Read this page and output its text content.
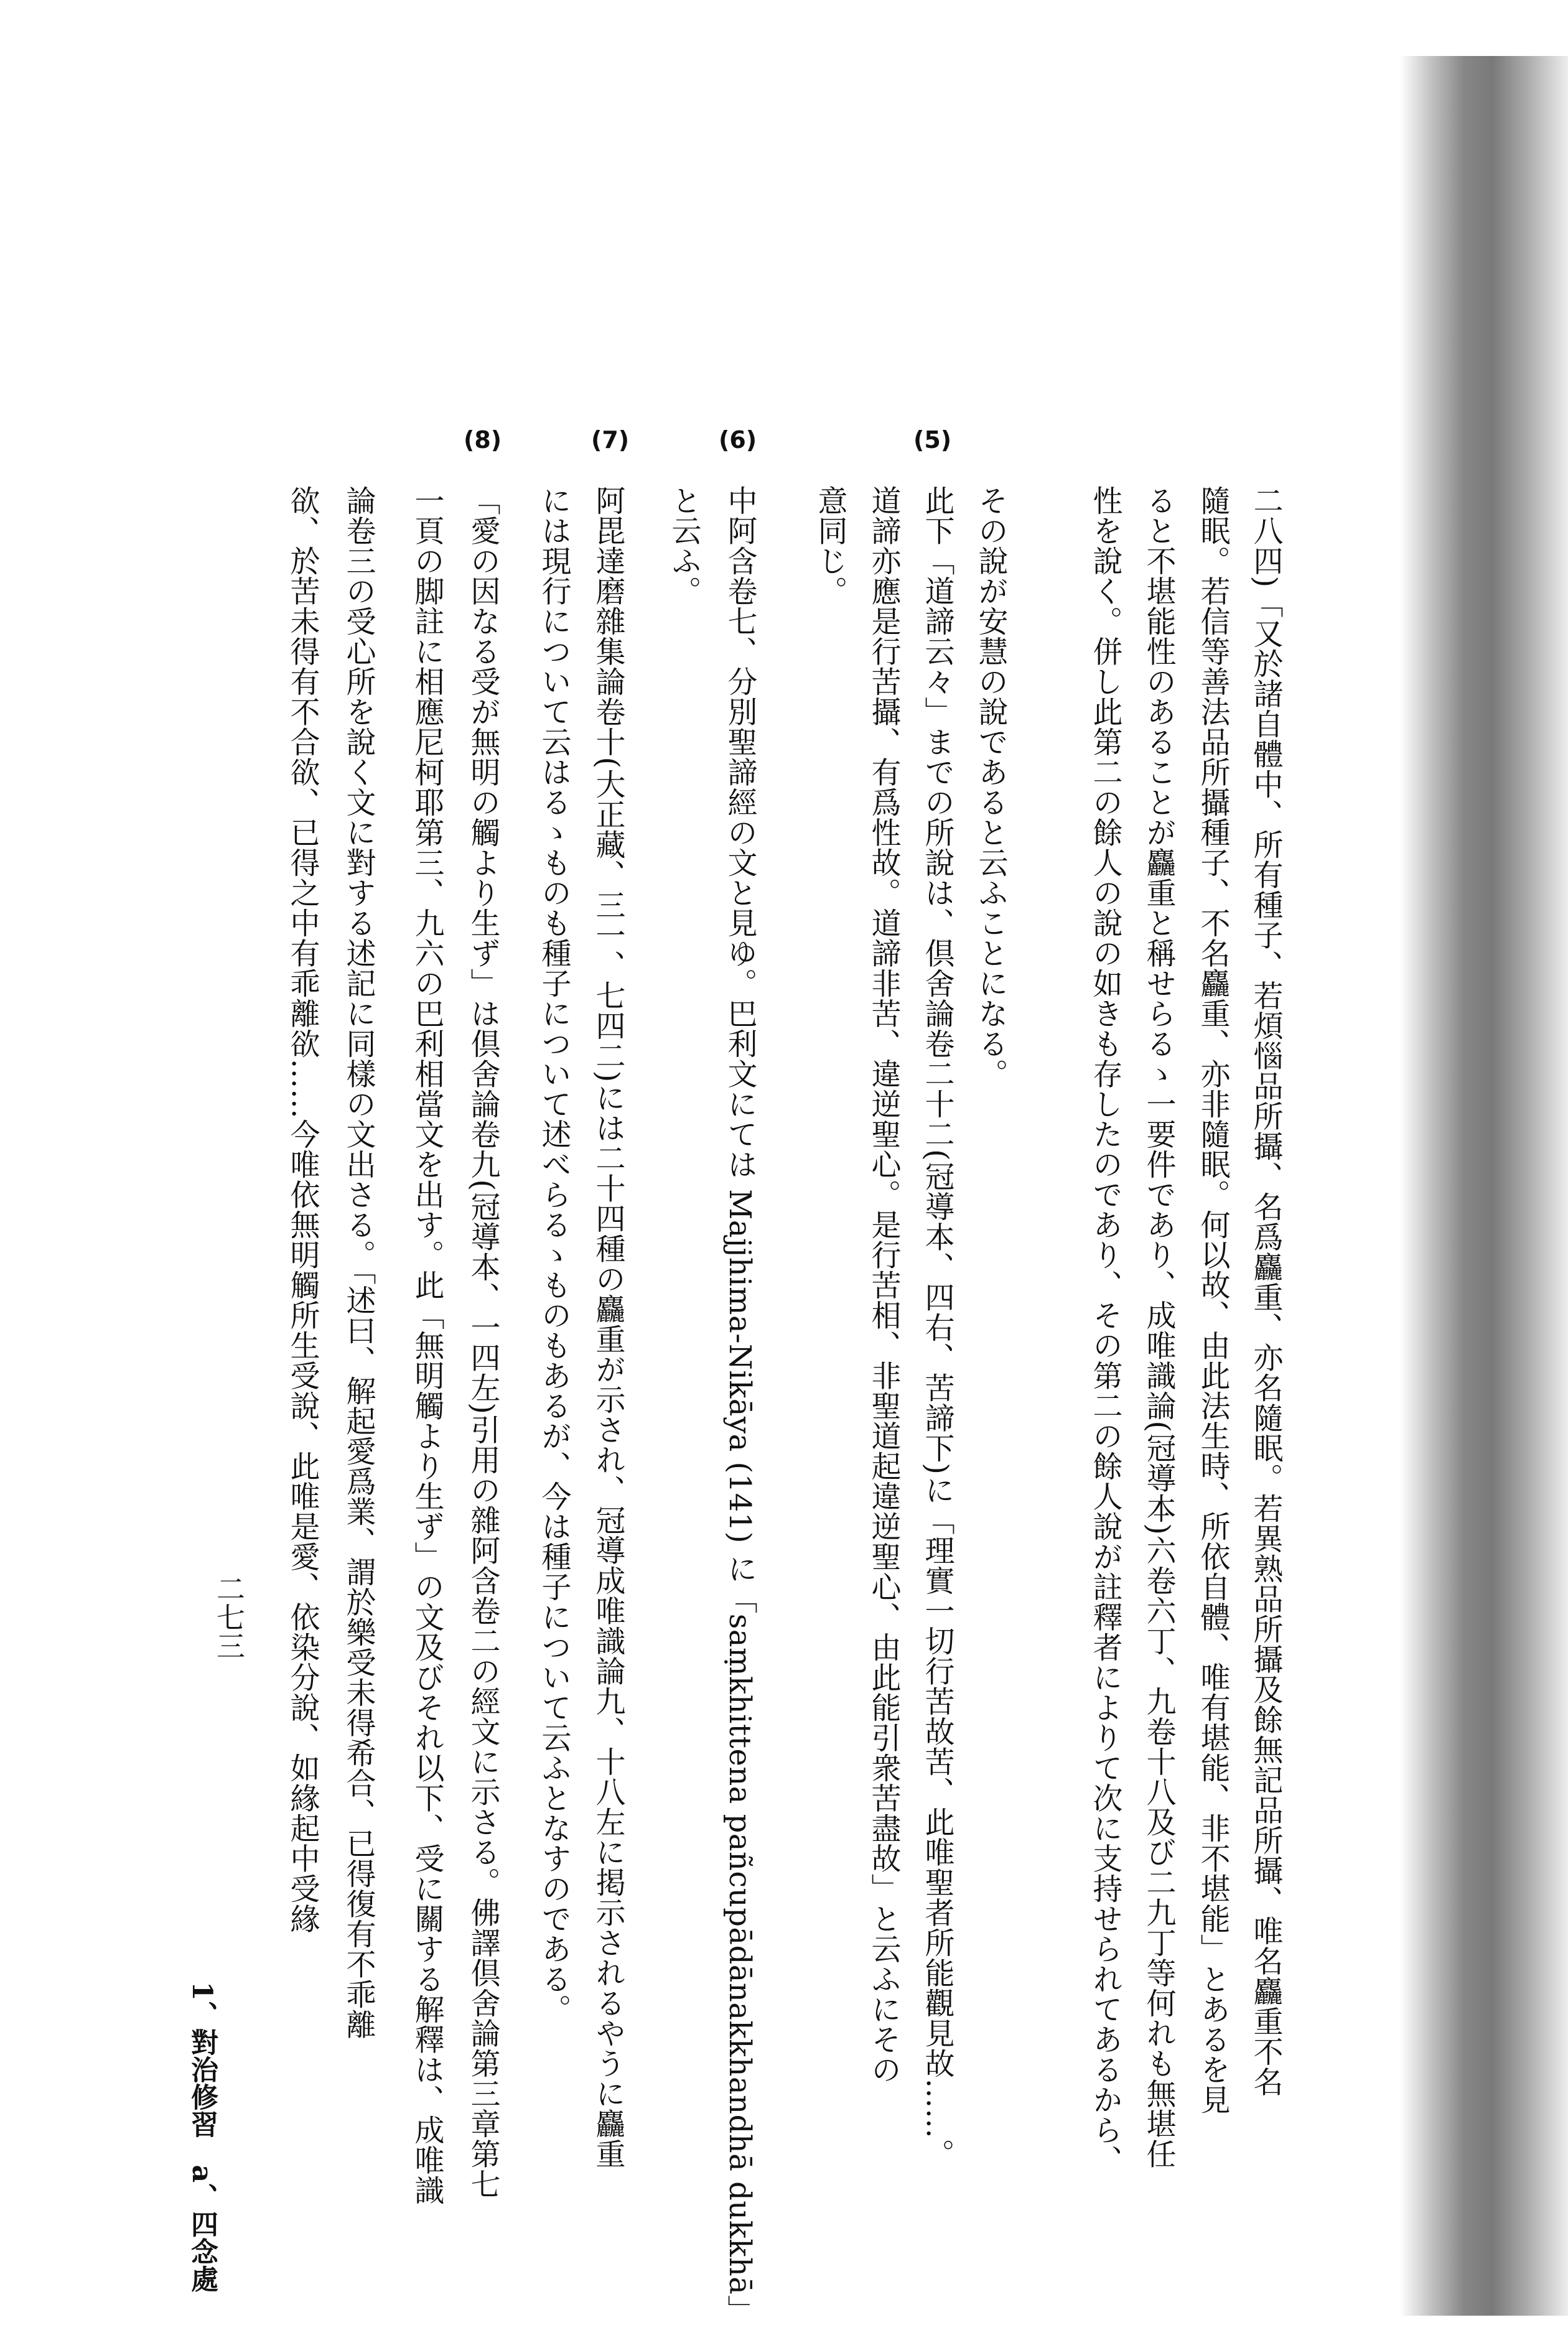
二八四)「又於諸自體中、所有種子、若煩惱品所攝、名爲麤重、亦名隨眠。若異熟品所攝及餘無記品所攝、唯名麤重不名
隨眠。若信等善法品所攝種子、不名麤重、亦非隨眠。何以故、由此法生時、所依自體、唯有堪能、非不堪能」とあるを見
ると不堪能性のあることが麤重と稱せらるゝ一要件であり、成唯識論(冠導本)六卷六丁、九卷十八及び二九丁等何れも無堪任
性を說く。併し此第二の餘人の說の如きも存したのであり、その第二の餘人說が註釋者によりて次に支持せられてあるから、
その說が安慧の說であると云ふことになる。
此下「道諦云々」までの所說は、倶舍論卷二十二(冠導本、四右、苦諦下)に「理實一切行苦故苦、此唯聖者所能觀見故……。
道諦亦應是行苦攝、有爲性故。道諦非苦、違逆聖心。是行苦相、非聖道起違逆聖心、由此能引衆苦盡故」と云ふにその
意同じ。
中阿含卷七、分別聖諦經の文と見ゆ。巴利文にては Majjhima-Nikāya (141) に「saṃkhittena pañcupādānakkhandhā dukkhā」
と云ふ。
阿毘達磨雜集論卷十(大正藏、三一、七四二)には二十四種の麤重が示され、冠導成唯識論九、十八左に掲示されるやうに麤重
には現行について云はるゝものも種子について述べらるゝものもあるが、今は種子について云ふとなすのである。
「愛の因なる受が無明の觸より生ず」は倶舍論卷九(冠導本、一四左)引用の雜阿含卷二の經文に示さる。佛譯倶舍論第三章第七
一頁の脚註に相應尼柯耶第三、九六の巴利相當文を出す。此「無明觸より生ず」の文及びそれ以下、受に關する解釋は、成唯識
論卷三の受心所を說く文に對する述記に同樣の文出さる。「述曰、解起愛爲業、謂於樂受未得希合、已得復有不乖離
欲、於苦未得有不合欲、已得之中有乖離欲……今唯依無明觸所生受說、此唯是愛、依染分說、如緣起中受緣
(5)
(6)
(7)
(8)
二七三
1、對治修習　a、四念處
